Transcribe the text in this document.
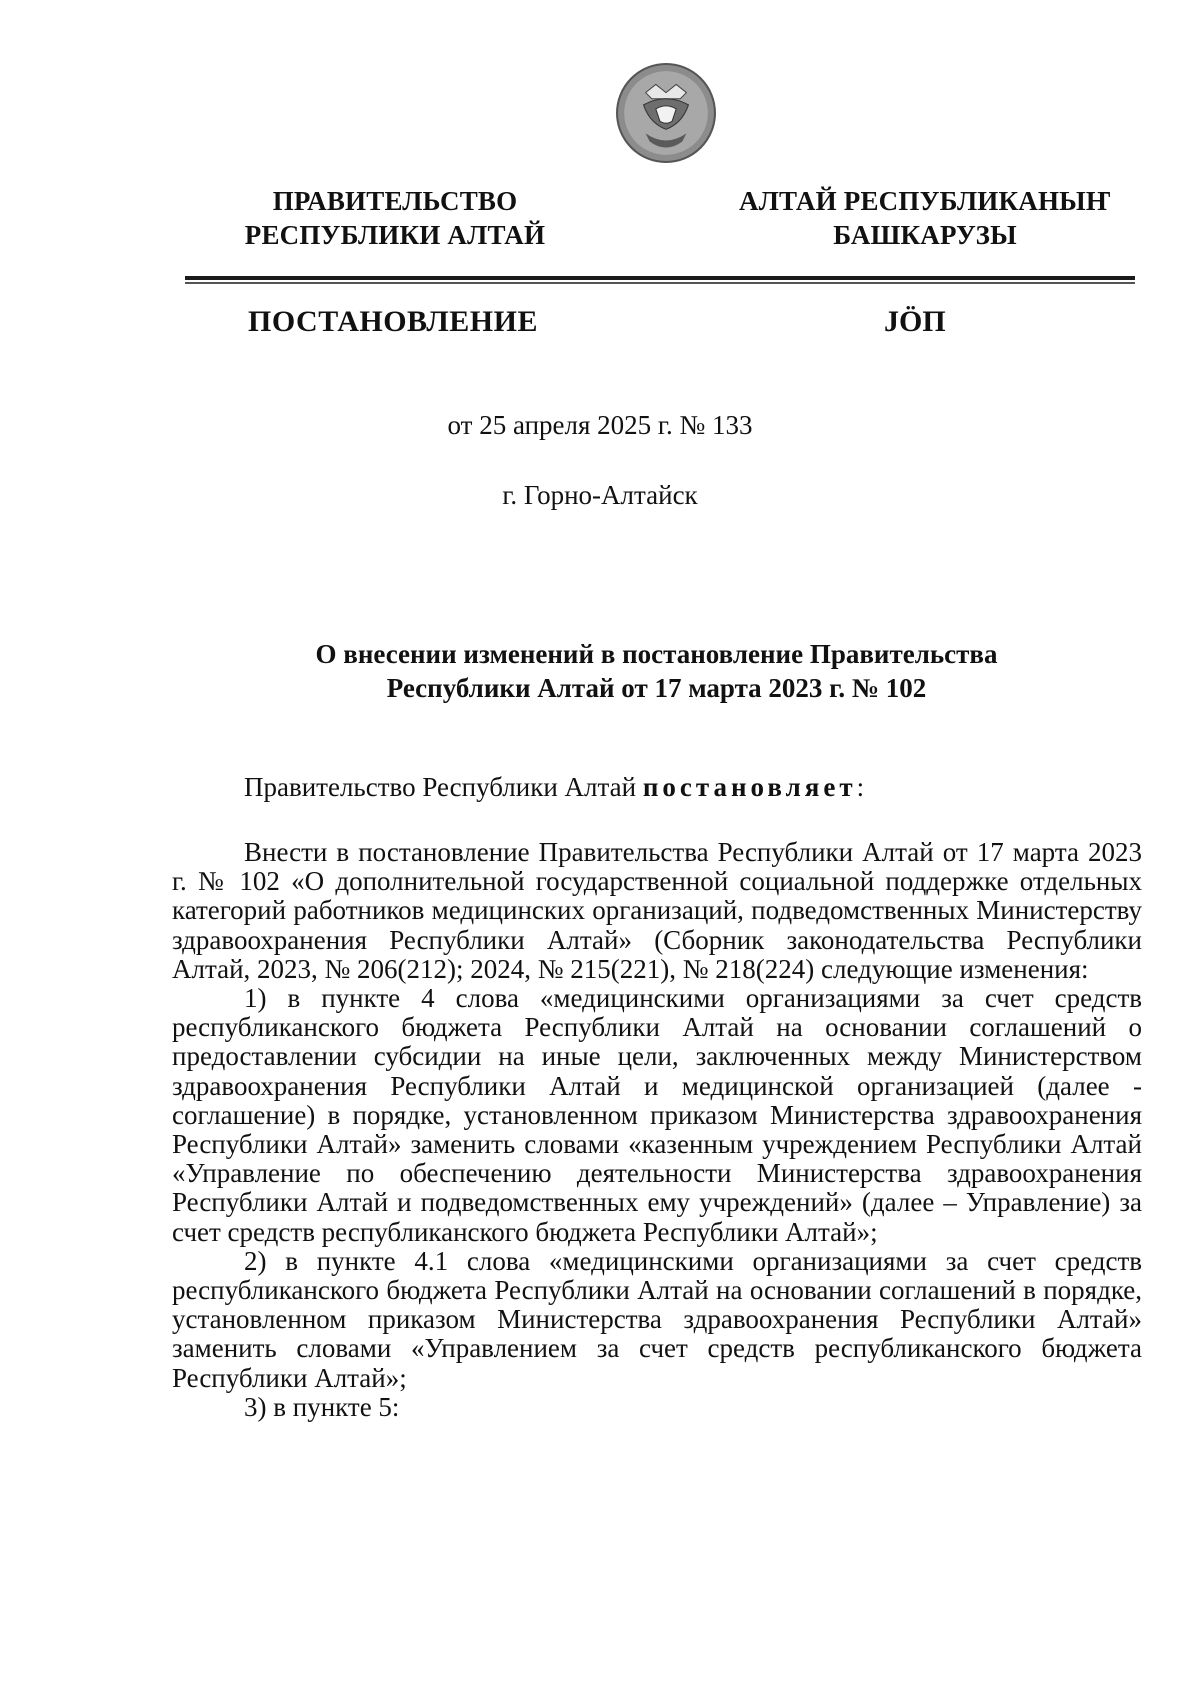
ПРАВИТЕЛЬСТВО
РЕСПУБЛИКИ АЛТАЙ
АЛТАЙ РЕСПУБЛИКАНЫҤ
БАШКАРУЗЫ
ПОСТАНОВЛЕНИЕ	JӦП
от 25 апреля 2025 г. № 133
г. Горно-Алтайск
О внесении изменений в постановление Правительства
Республики Алтай от 17 марта 2023 г. № 102
Правительство Республики Алтай постановляет:

Внести в постановление Правительства Республики Алтай от 17 марта 2023 г. № 102 «О дополнительной государственной социальной поддержке отдельных категорий работников медицинских организаций, подведомственных Министерству здравоохранения Республики Алтай» (Сборник законодательства Республики Алтай, 2023, № 206(212); 2024, № 215(221), № 218(224) следующие изменения:

1) в пункте 4 слова «медицинскими организациями за счет средств республиканского бюджета Республики Алтай на основании соглашений о предоставлении субсидии на иные цели, заключенных между Министерством здравоохранения Республики Алтай и медицинской организацией (далее - соглашение) в порядке, установленном приказом Министерства здравоохранения Республики Алтай» заменить словами «казенным учреждением Республики Алтай «Управление по обеспечению деятельности Министерства здравоохранения Республики Алтай и подведомственных ему учреждений» (далее – Управление) за счет средств республиканского бюджета Республики Алтай»;

2) в пункте 4.1 слова «медицинскими организациями за счет средств республиканского бюджета Республики Алтай на основании соглашений в порядке, установленном приказом Министерства здравоохранения Республики Алтай» заменить словами «Управлением за счет средств республиканского бюджета Республики Алтай»;

3) в пункте 5:
